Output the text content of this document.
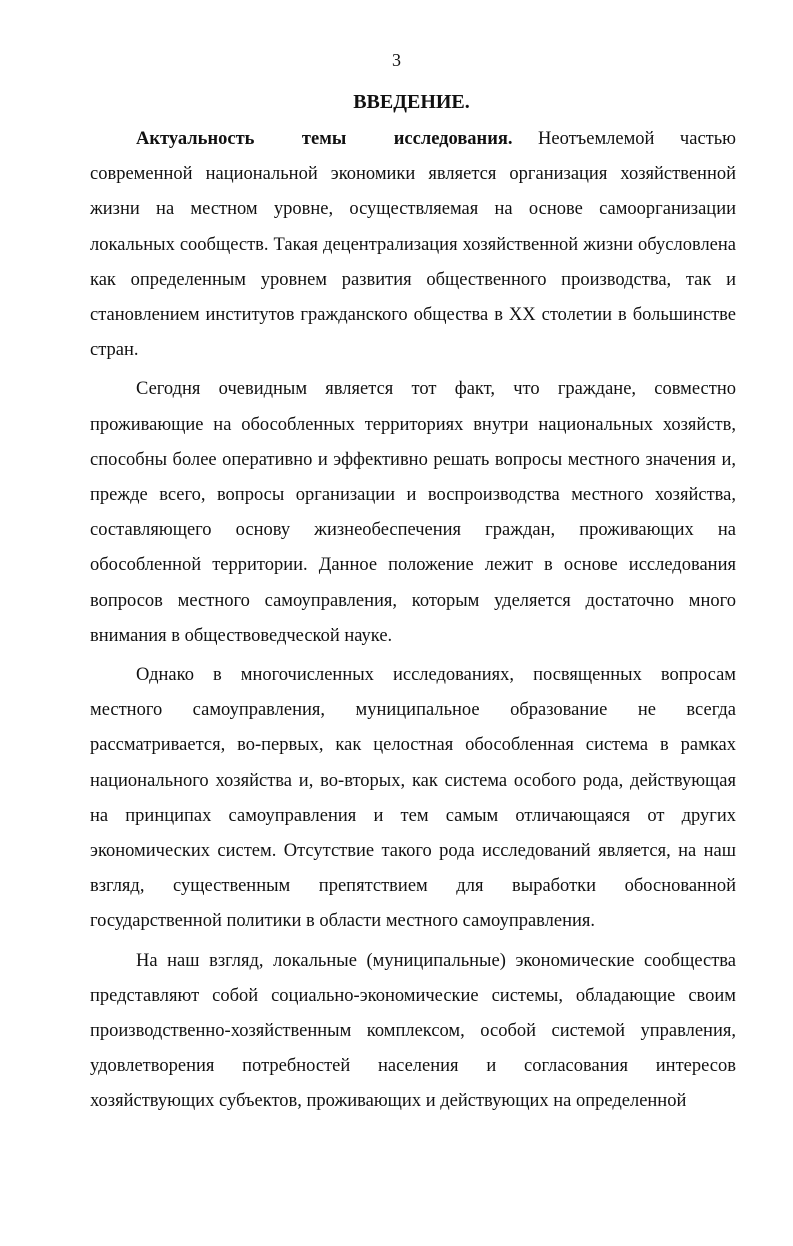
3
ВВЕДЕНИЕ.

Актуальность темы исследования. Неотъемлемой частью современной национальной экономики является организация хозяйственной жизни на местном уровне, осуществляемая на основе самоорганизации локальных сообществ. Такая децентрализация хозяйственной жизни обусловлена как определенным уровнем развития общественного производства, так и становлением институтов гражданского общества в XX столетии в большинстве стран.

Сегодня очевидным является тот факт, что граждане, совместно проживающие на обособленных территориях внутри национальных хозяйств, способны более оперативно и эффективно решать вопросы местного значения и, прежде всего, вопросы организации и воспроизводства местного хозяйства, составляющего основу жизнеобеспечения граждан, проживающих на обособленной территории. Данное положение лежит в основе исследования вопросов местного самоуправления, которым уделяется достаточно много внимания в обществоведческой науке.

Однако в многочисленных исследованиях, посвященных вопросам местного самоуправления, муниципальное образование не всегда рассматривается, во-первых, как целостная обособленная система в рамках национального хозяйства и, во-вторых, как система особого рода, действующая на принципах самоуправления и тем самым отличающаяся от других экономических систем. Отсутствие такого рода исследований является, на наш взгляд, существенным препятствием для выработки обоснованной государственной политики в области местного самоуправления.

На наш взгляд, локальные (муниципальные) экономические сообщества представляют собой социально-экономические системы, обладающие своим производственно-хозяйственным комплексом, особой системой управления, удовлетворения потребностей населения и согласования интересов хозяйствующих субъектов, проживающих и действующих на определенной
